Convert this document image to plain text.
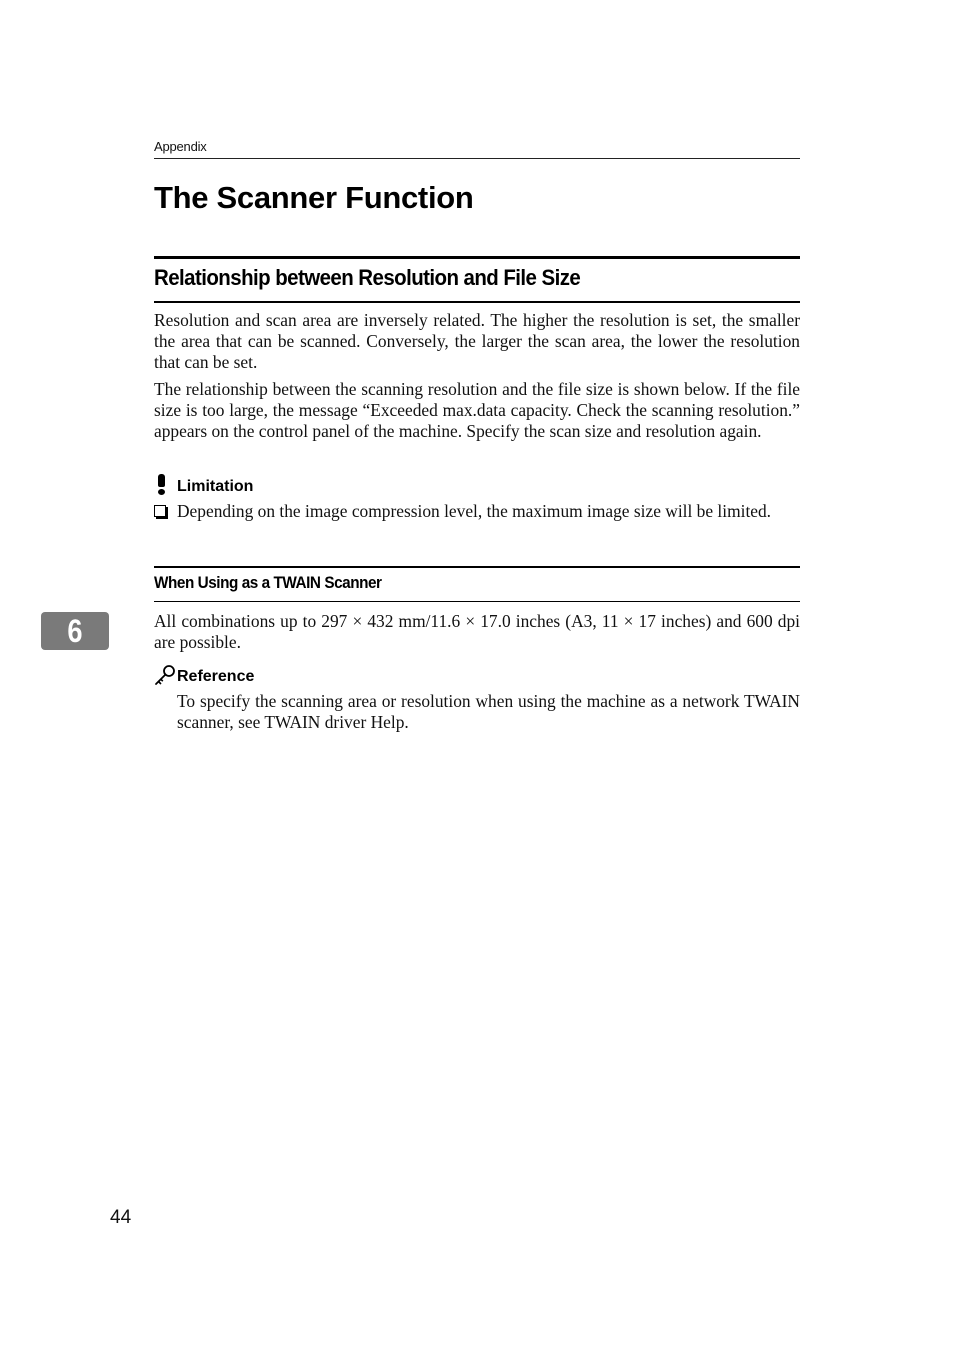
Appendix
The Scanner Function
Relationship between Resolution and File Size

Resolution and scan area are inversely related. The higher the resolution is set, the smaller the area that can be scanned. Conversely, the larger the scan area, the lower the resolution that can be set.

The relationship between the scanning resolution and the file size is shown below. If the file size is too large, the message “Exceeded max.data capacity. Check the scanning resolution.” appears on the control panel of the machine. Specify the scan size and resolution again.

Limitation
Depending on the image compression level, the maximum image size will be limited.
When Using as a TWAIN Scanner

All combinations up to 297 × 432 mm/11.6 × 17.0 inches (A3, 11 × 17 inches) and 600 dpi are possible.

Reference

To specify the scanning area or resolution when using the machine as a network TWAIN scanner, see TWAIN driver Help.

6
44
